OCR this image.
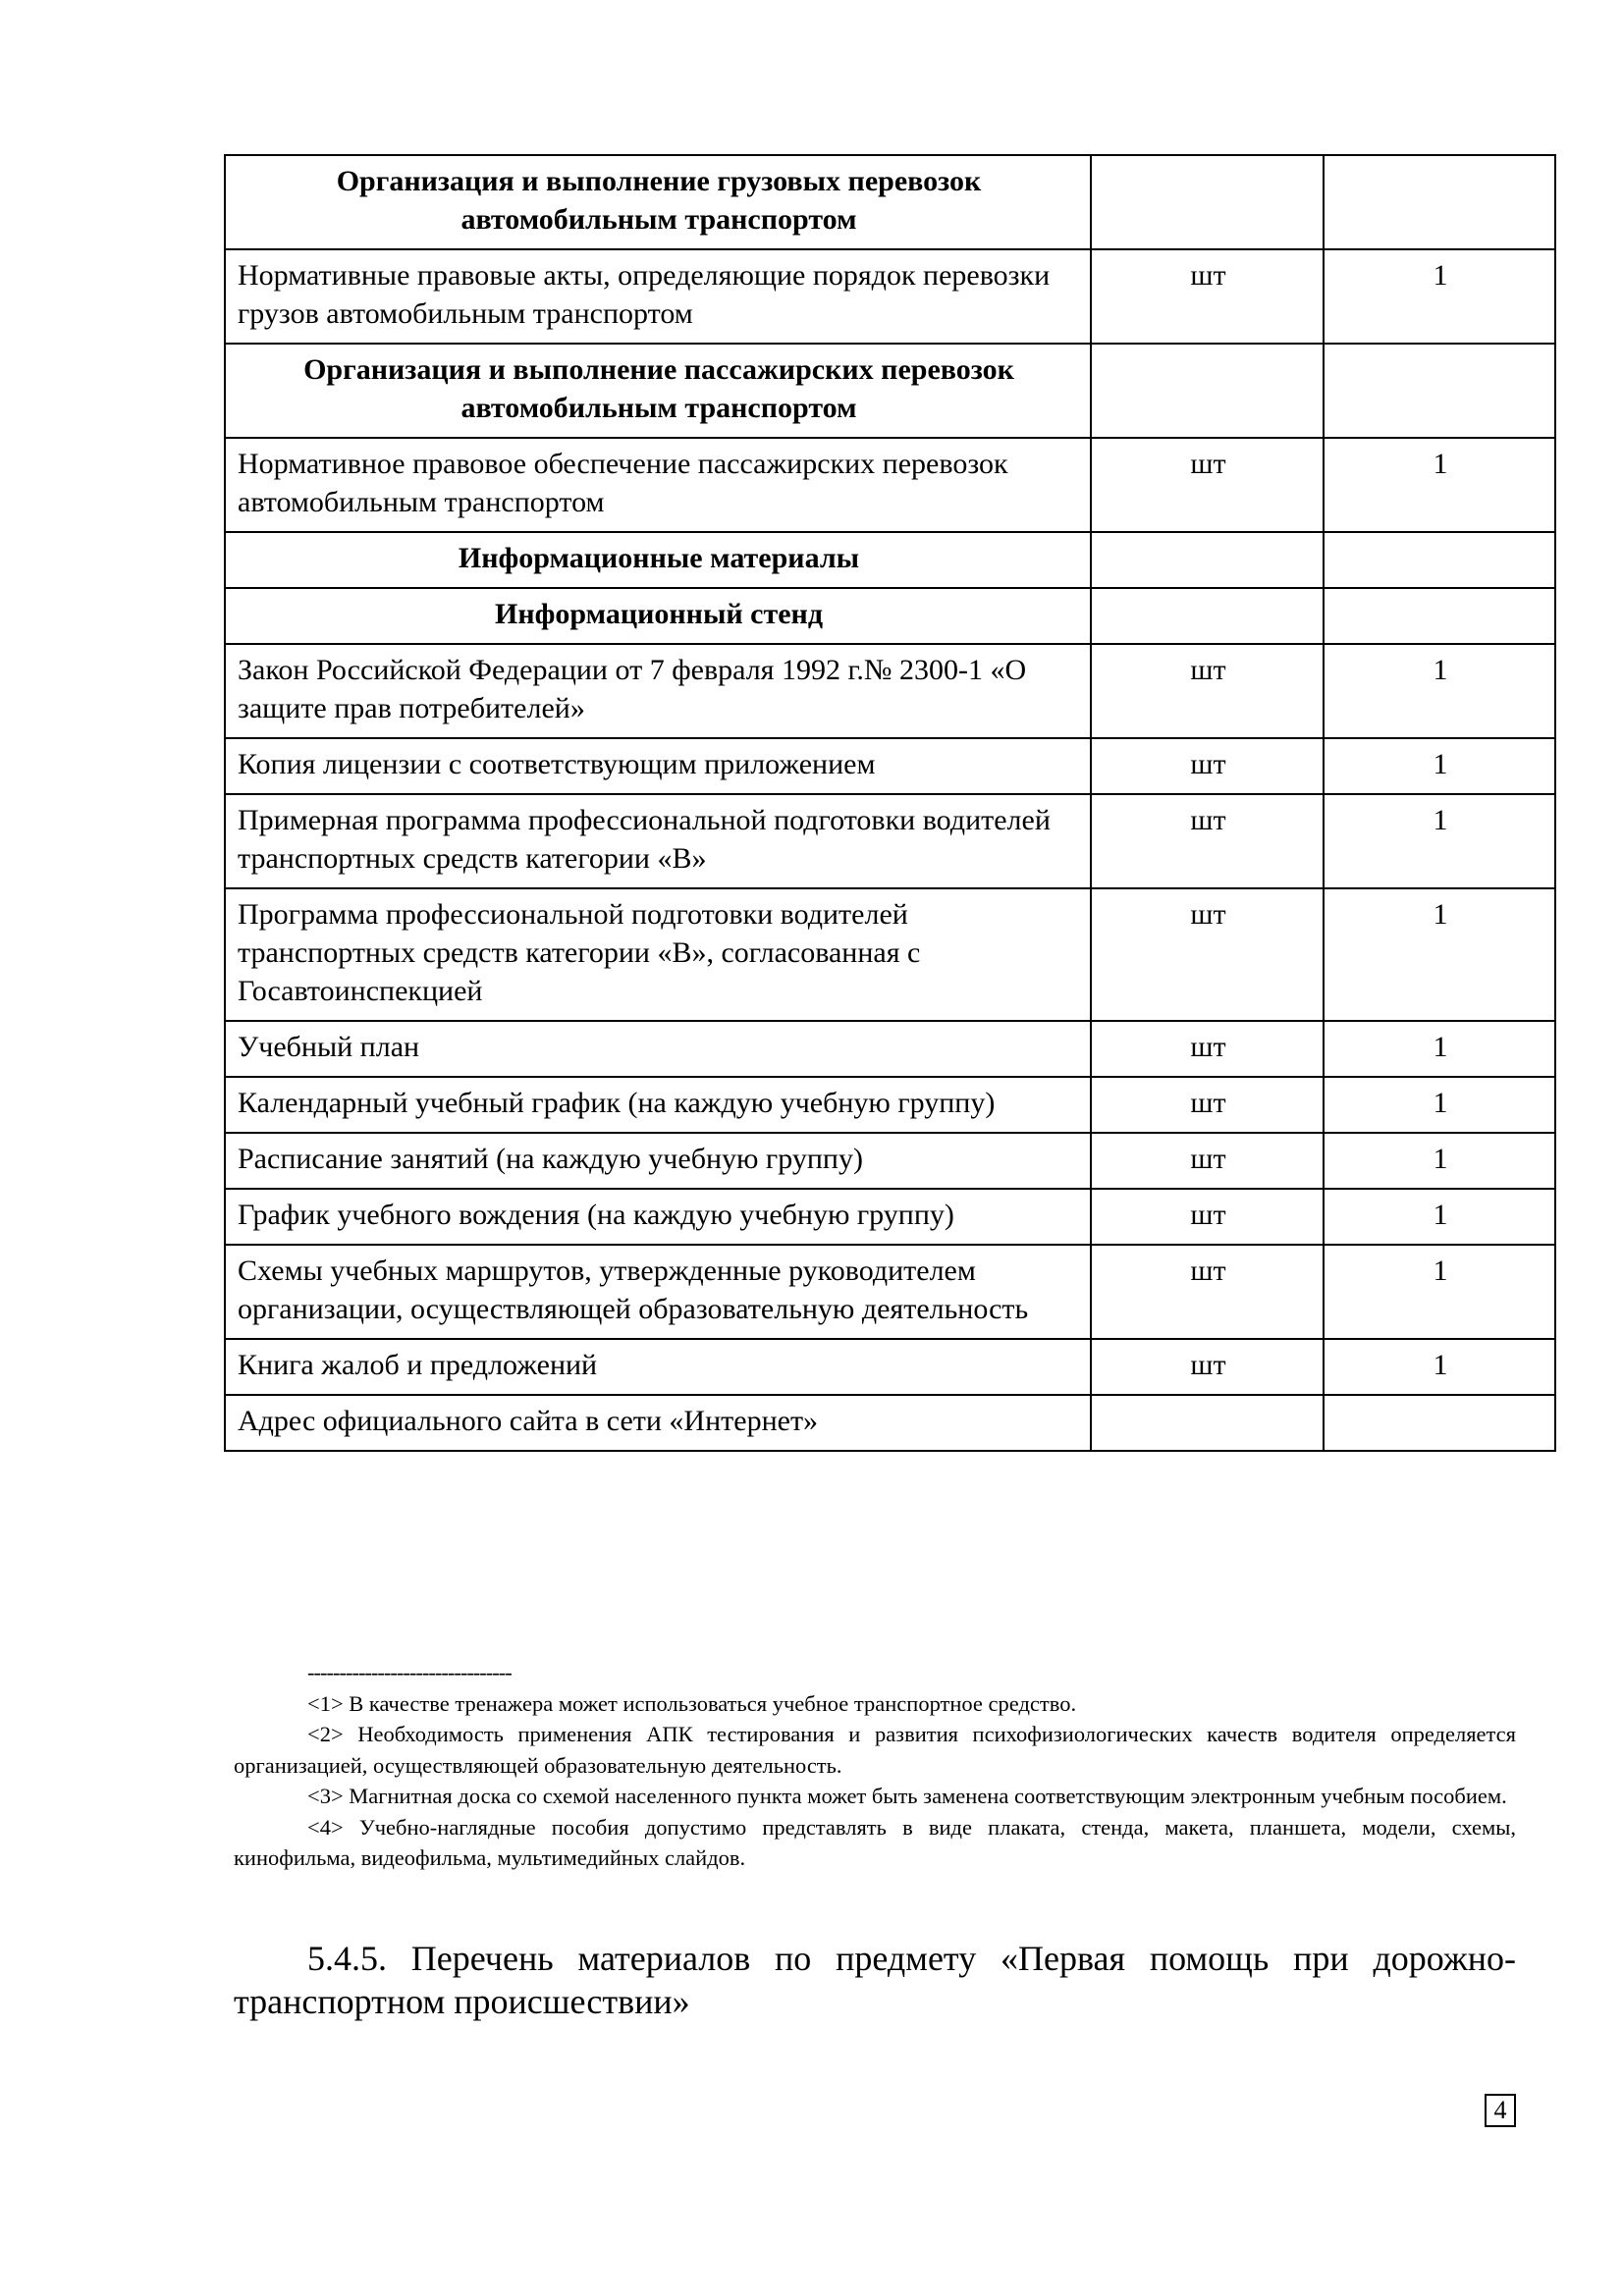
Организация и выполнение грузовых перевозок автомобильным транспортом		
Нормативные правовые акты, определяющие порядок перевозки грузов автомобильным транспортом	шт	1
Организация и выполнение пассажирских перевозок автомобильным транспортом		
Нормативное правовое обеспечение пассажирских перевозок автомобильным транспортом	шт	1
Информационные материалы		
Информационный стенд		
Закон Российской Федерации от 7 февраля 1992 г.№ 2300-1 «О защите прав потребителей»	шт	1
Копия лицензии с соответствующим приложением	шт	1
Примерная программа профессиональной подготовки водителей транспортных средств категории «B»	шт	1
Программа профессиональной подготовки водителей транспортных средств категории «B», согласованная с Госавтоинспекцией	шт	1
Учебный план	шт	1
Календарный учебный график (на каждую учебную группу)	шт	1
Расписание занятий (на каждую учебную группу)	шт	1
График учебного вождения (на каждую учебную группу)	шт	1
Схемы учебных маршрутов, утвержденные руководителем организации, осуществляющей образовательную деятельность	шт	1
Книга жалоб и предложений	шт	1
Адрес официального сайта в сети «Интернет»		
--------------------------------

<1> В качестве тренажера может использоваться учебное транспортное средство.

<2> Необходимость применения АПК тестирования и развития психофизиологических качеств водителя определяется организацией, осуществляющей образовательную деятельность.

<3> Магнитная доска со схемой населенного пункта может быть заменена соответствующим электронным учебным пособием.

<4> Учебно-наглядные пособия допустимо представлять в виде плаката, стенда, макета, планшета, модели, схемы, кинофильма, видеофильма, мультимедийных слайдов.

5.4.5. Перечень материалов по предмету «Первая помощь при дорожно-транспортном происшествии»

4
